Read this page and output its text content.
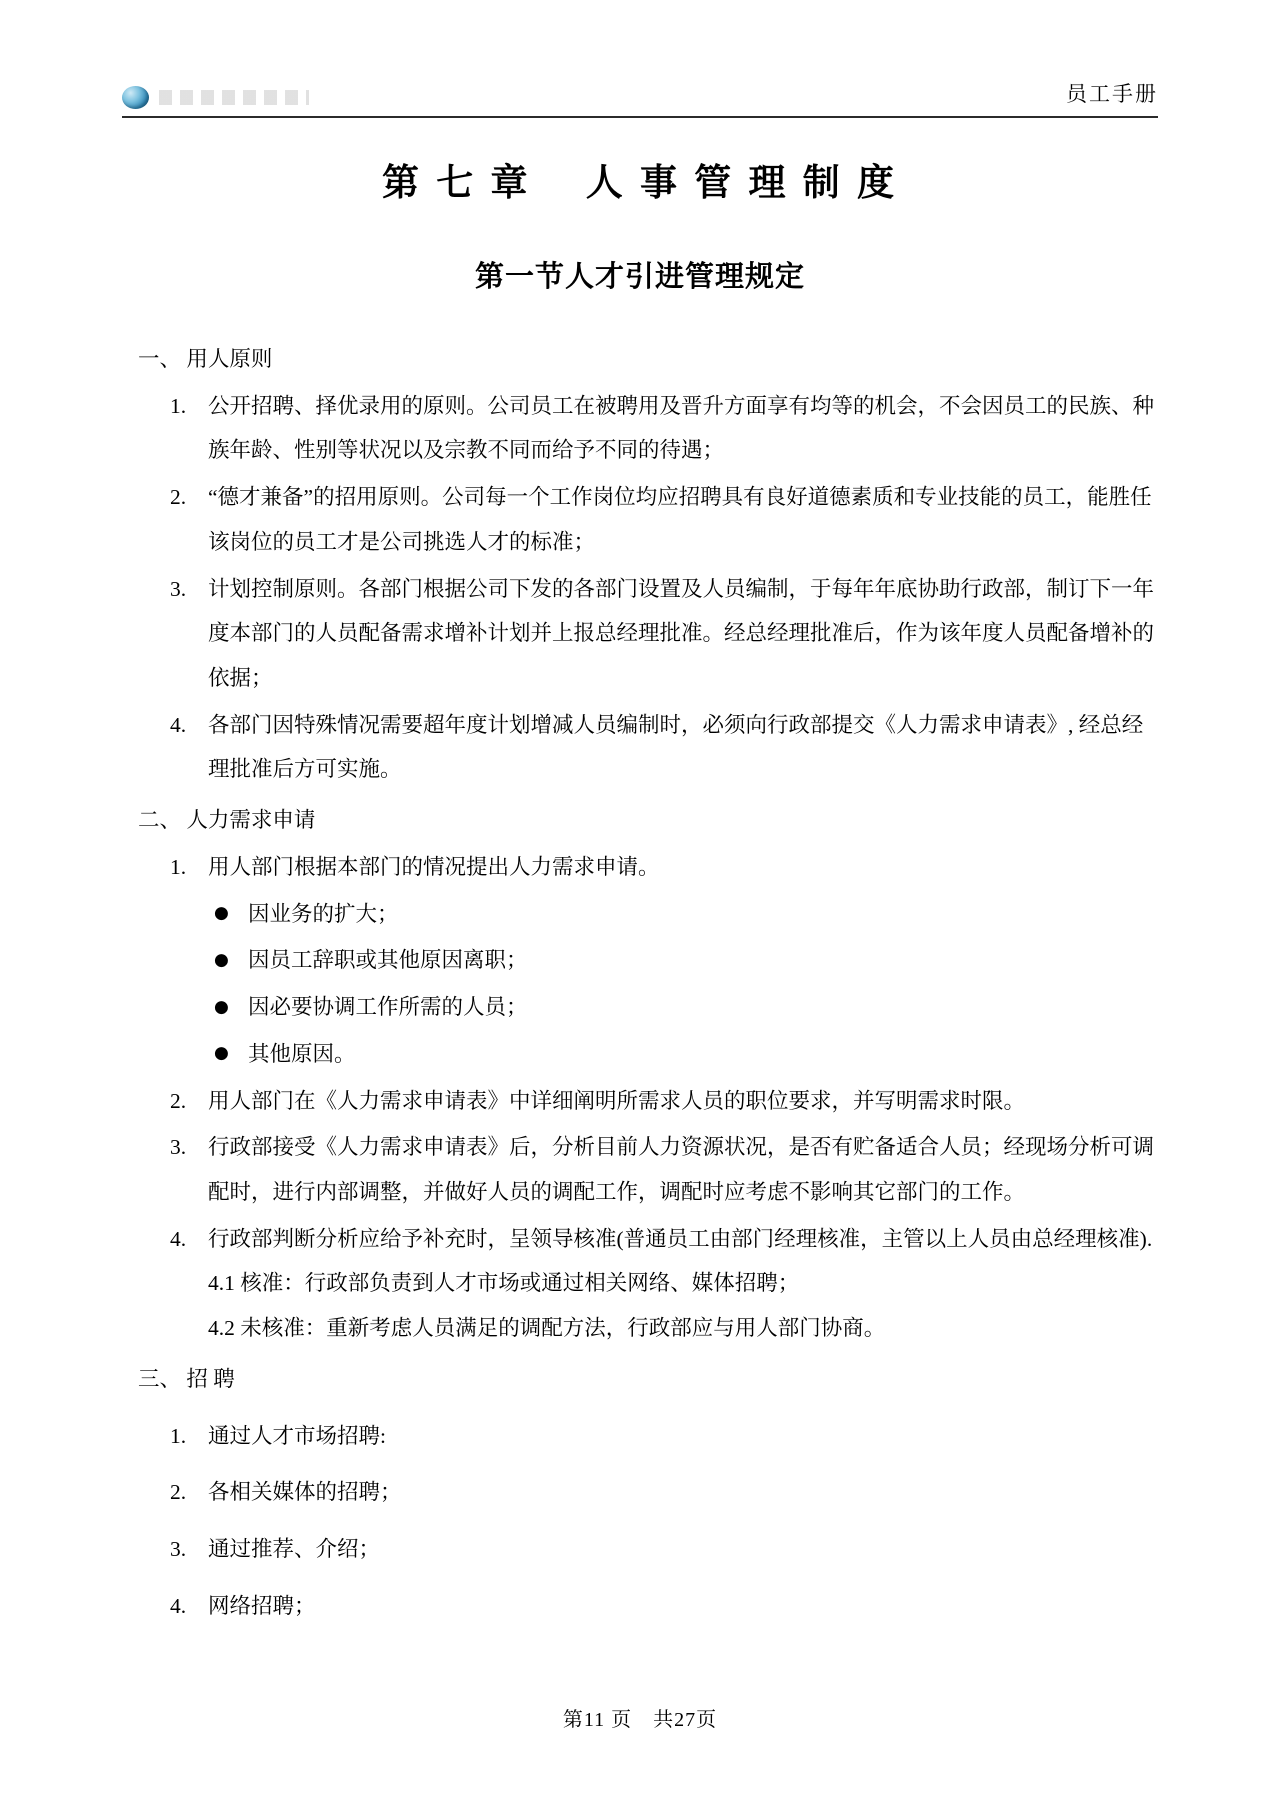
员工手册
第 七 章　 人 事 管 理 制 度
第一节人才引进管理规定
一、 用人原则
1.	公开招聘、择优录用的原则。公司员工在被聘用及晋升方面享有均等的机会，不会因员工的民族、种族年龄、性别等状况以及宗教不同而给予不同的待遇；
2.	“德才兼备”的招用原则。公司每一个工作岗位均应招聘具有良好道德素质和专业技能的员工，能胜任该岗位的员工才是公司挑选人才的标准；
3.	计划控制原则。各部门根据公司下发的各部门设置及人员编制，于每年年底协助行政部，制订下一年度本部门的人员配备需求增补计划并上报总经理批准。经总经理批准后，作为该年度人员配备增补的依据；
4.	各部门因特殊情况需要超年度计划增减人员编制时，必须向行政部提交《人力需求申请表》, 经总经理批准后方可实施。
二、 人力需求申请
1.	用人部门根据本部门的情况提出人力需求申请。
● 因业务的扩大；
● 因员工辞职或其他原因离职；
● 因必要协调工作所需的人员；
● 其他原因。
2.	用人部门在《人力需求申请表》中详细阐明所需求人员的职位要求，并写明需求时限。
3.	行政部接受《人力需求申请表》后，分析目前人力资源状况，是否有贮备适合人员；经现场分析可调配时，进行内部调整，并做好人员的调配工作，调配时应考虑不影响其它部门的工作。
4.	行政部判断分析应给予补充时，呈领导核准(普通员工由部门经理核准，主管以上人员由总经理核准).
4.1 核准：行政部负责到人才市场或通过相关网络、媒体招聘；
4.2 未核准：重新考虑人员满足的调配方法，行政部应与用人部门协商。
三、 招 聘
1.	通过人才市场招聘:
2.	各相关媒体的招聘；
3.	通过推荐、介绍；
4.	网络招聘；
第11 页　共27页
